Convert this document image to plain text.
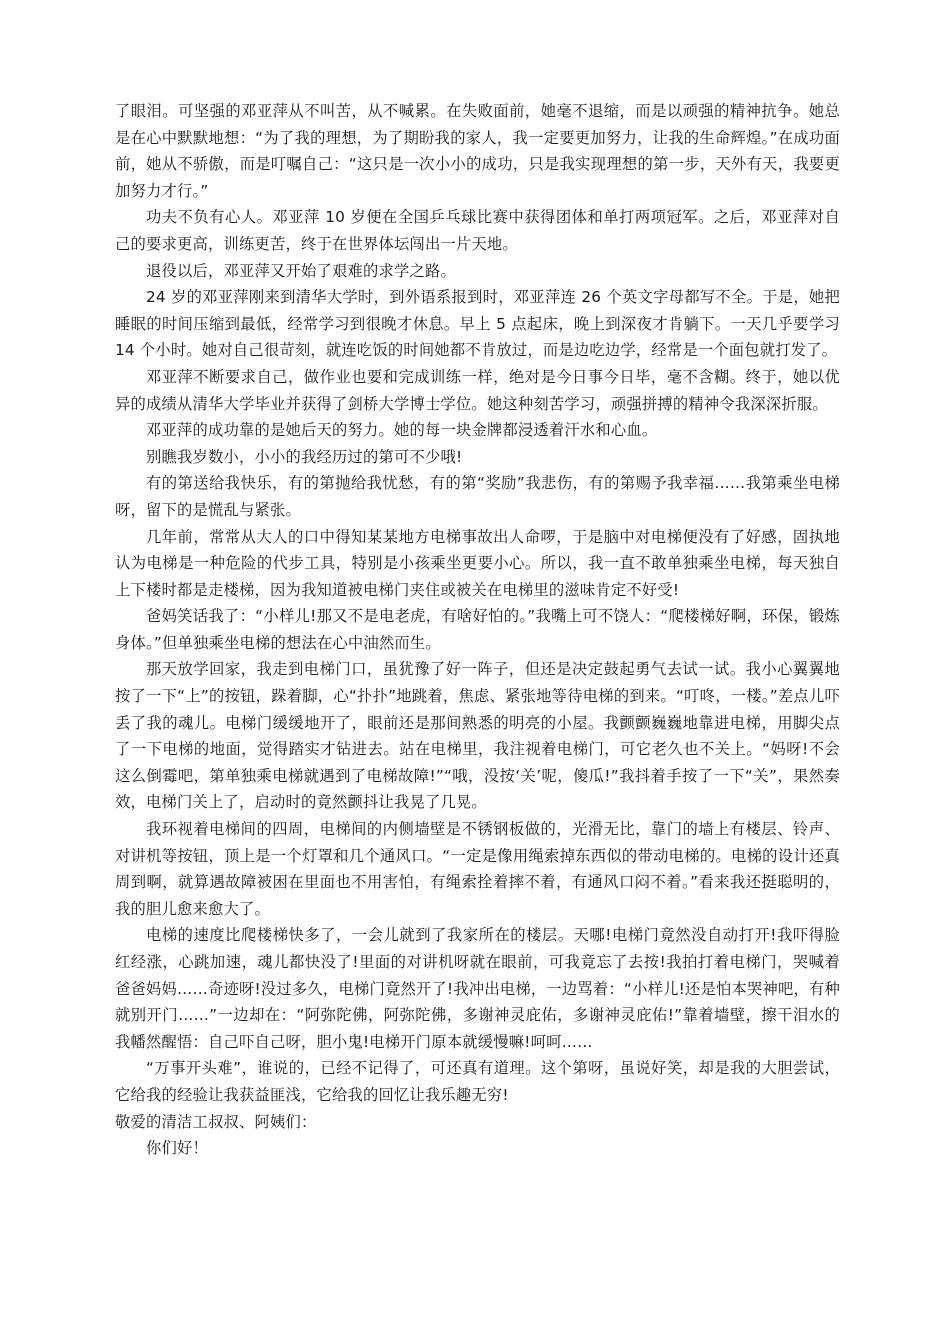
了眼泪。可坚强的邓亚萍从不叫苦，从不喊累。在失败面前，她毫不退缩，而是以顽强的精神抗争。她总是在心中默默地想：“为了我的理想，为了期盼我的家人，我一定要更加努力，让我的生命辉煌。”在成功面前，她从不骄傲，而是叮嘱自己：“这只是一次小小的成功，只是我实现理想的第一步，天外有天，我要更加努力才行。”

功夫不负有心人。邓亚萍 10 岁便在全国乒乓球比赛中获得团体和单打两项冠军。之后，邓亚萍对自己的要求更高，训练更苦，终于在世界体坛闯出一片天地。

退役以后，邓亚萍又开始了艰难的求学之路。

24 岁的邓亚萍刚来到清华大学时，到外语系报到时，邓亚萍连 26 个英文字母都写不全。于是，她把睡眠的时间压缩到最低，经常学习到很晚才休息。早上 5 点起床，晚上到深夜才肯躺下。一天几乎要学习 14 个小时。她对自己很苛刻，就连吃饭的时间她都不肯放过，而是边吃边学，经常是一个面包就打发了。

邓亚萍不断要求自己，做作业也要和完成训练一样，绝对是今日事今日毕，毫不含糊。终于，她以优异的成绩从清华大学毕业并获得了剑桥大学博士学位。她这种刻苦学习，顽强拼搏的精神令我深深折服。

邓亚萍的成功靠的是她后天的努力。她的每一块金牌都浸透着汗水和心血。

别瞧我岁数小，小小的我经历过的第可不少哦!

有的第送给我快乐，有的第抛给我忧愁，有的第“奖励”我悲伤，有的第赐予我幸福……我第乘坐电梯呀，留下的是慌乱与紧张。

几年前，常常从大人的口中得知某某地方电梯事故出人命啰，于是脑中对电梯便没有了好感，固执地认为电梯是一种危险的代步工具，特别是小孩乘坐更要小心。所以，我一直不敢单独乘坐电梯，每天独自上下楼时都是走楼梯，因为我知道被电梯门夹住或被关在电梯里的滋味肯定不好受!

爸妈笑话我了：“小样儿!那又不是电老虎，有啥好怕的。”我嘴上可不饶人：“爬楼梯好啊，环保，锻炼身体。”但单独乘坐电梯的想法在心中油然而生。

那天放学回家，我走到电梯门口，虽犹豫了好一阵子，但还是决定鼓起勇气去试一试。我小心翼翼地按了一下“上”的按钮，跺着脚，心“扑扑”地跳着，焦虑、紧张地等待电梯的到来。“叮咚，一楼。”差点儿吓丢了我的魂儿。电梯门缓缓地开了，眼前还是那间熟悉的明亮的小屋。我颤颤巍巍地靠进电梯，用脚尖点了一下电梯的地面，觉得踏实才钻进去。站在电梯里，我注视着电梯门，可它老久也不关上。“妈呀!不会这么倒霉吧，第单独乘电梯就遇到了电梯故障!”“哦，没按‘关’呢，傻瓜!”我抖着手按了一下“关”，果然奏效，电梯门关上了，启动时的竟然颤抖让我晃了几晃。

我环视着电梯间的四周，电梯间的内侧墙壁是不锈钢板做的，光滑无比，靠门的墙上有楼层、铃声、对讲机等按钮，顶上是一个灯罩和几个通风口。“一定是像用绳索掉东西似的带动电梯的。电梯的设计还真周到啊，就算遇故障被困在里面也不用害怕，有绳索拴着摔不着，有通风口闷不着。”看来我还挺聪明的，我的胆儿愈来愈大了。

电梯的速度比爬楼梯快多了，一会儿就到了我家所在的楼层。天哪!电梯门竟然没自动打开!我吓得脸红经涨，心跳加速，魂儿都快没了!里面的对讲机呀就在眼前，可我竟忘了去按!我拍打着电梯门，哭喊着爸爸妈妈……奇迹呀!没过多久，电梯门竟然开了!我冲出电梯，一边骂着：“小样儿!还是怕本哭神吧，有种就别开门……”一边却在：“阿弥陀佛，阿弥陀佛，多谢神灵庇佑，多谢神灵庇佑!”靠着墙壁，擦干泪水的我幡然醒悟：自己吓自己呀，胆小鬼!电梯开门原本就缓慢嘛!呵呵……

“万事开头难”，谁说的，已经不记得了，可还真有道理。这个第呀，虽说好笑，却是我的大胆尝试，它给我的经验让我获益匪浅，它给我的回忆让我乐趣无穷!

敬爱的清洁工叔叔、阿姨们：

你们好！
